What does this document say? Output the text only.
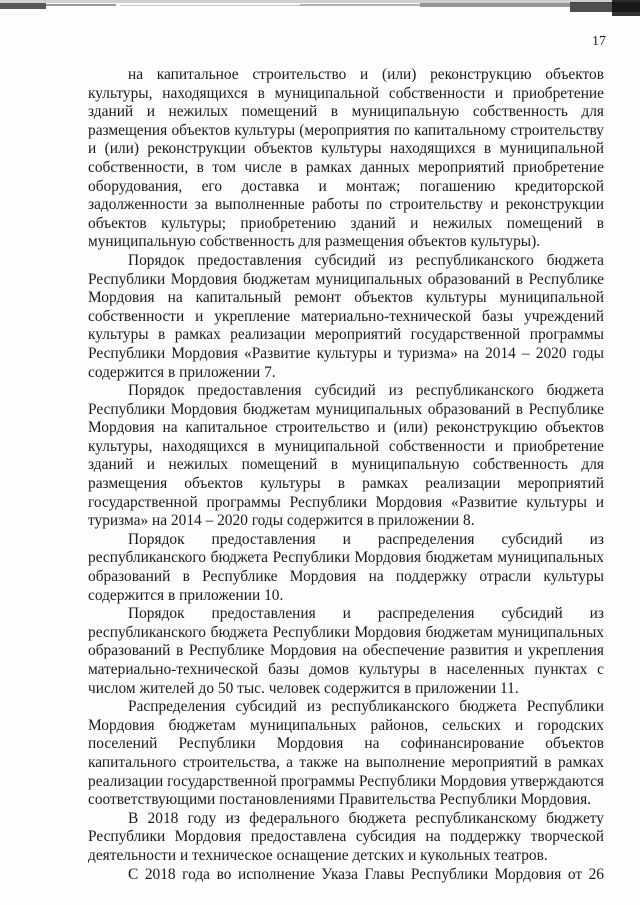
17

на капитальное строительство и (или) реконструкцию объектов культуры, находящихся в муниципальной собственности и приобретение зданий и нежилых помещений в муниципальную собственность для размещения объектов культуры (мероприятия по капитальному строительству и (или) реконструкции объектов культуры находящихся в муниципальной собственности, в том числе в рамках данных мероприятий приобретение оборудования, его доставка и монтаж; погашению кредиторской задолженности за выполненные работы по строительству и реконструкции объектов культуры; приобретению зданий и нежилых помещений в муниципальную собственность для размещения объектов культуры).

Порядок предоставления субсидий из республиканского бюджета Республики Мордовия бюджетам муниципальных образований в Республике Мордовия на капитальный ремонт объектов культуры муниципальной собственности и укрепление материально-технической базы учреждений культуры в рамках реализации мероприятий государственной программы Республики Мордовия «Развитие культуры и туризма» на 2014 – 2020 годы содержится в приложении 7.

Порядок предоставления субсидий из республиканского бюджета Республики Мордовия бюджетам муниципальных образований в Республике Мордовия на капитальное строительство и (или) реконструкцию объектов культуры, находящихся в муниципальной собственности и приобретение зданий и нежилых помещений в муниципальную собственность для размещения объектов культуры в рамках реализации мероприятий государственной программы Республики Мордовия «Развитие культуры и туризма» на 2014 – 2020 годы содержится в приложении 8.

Порядок предоставления и распределения субсидий из республиканского бюджета Республики Мордовия бюджетам муниципальных образований в Республике Мордовия на поддержку отрасли культуры содержится в приложении 10.

Порядок предоставления и распределения субсидий из республиканского бюджета Республики Мордовия бюджетам муниципальных образований в Республике Мордовия на обеспечение развития и укрепления материально-технической базы домов культуры в населенных пунктах с числом жителей до 50 тыс. человек содержится в приложении 11.

Распределения субсидий из республиканского бюджета Республики Мордовия бюджетам муниципальных районов, сельских и городских поселений Республики Мордовия на софинансирование объектов капитального строительства, а также на выполнение мероприятий в рамках реализации государственной программы Республики Мордовия утверждаются соответствующими постановлениями Правительства Республики Мордовия.

В 2018 году из федерального бюджета республиканскому бюджету Республики Мордовия предоставлена субсидия на поддержку творческой деятельности и техническое оснащение детских и кукольных театров.

С 2018 года во исполнение Указа Главы Республики Мордовия от 26
